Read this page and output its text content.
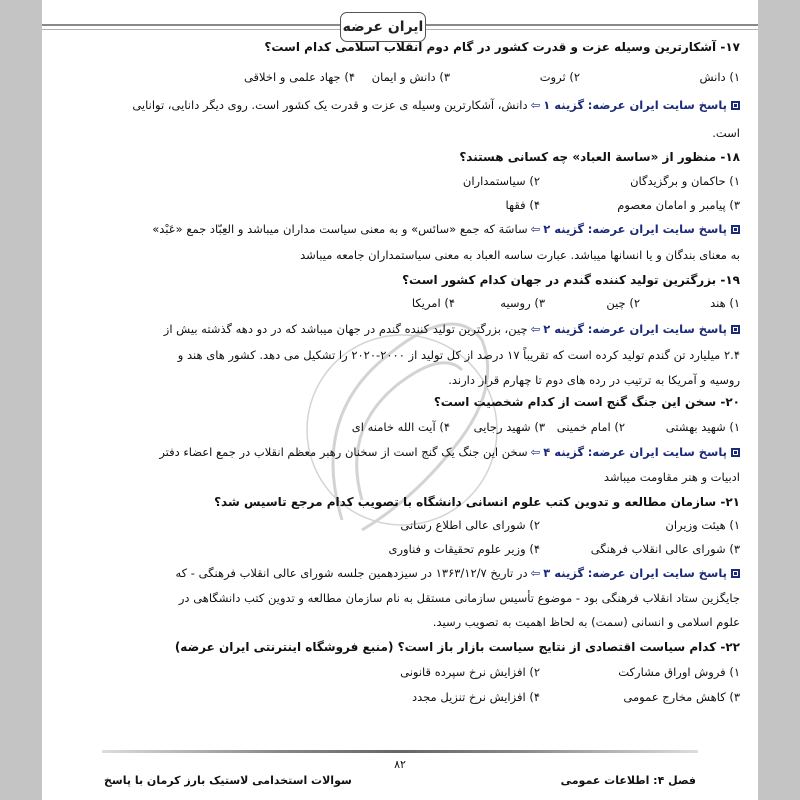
ایران عرضه
۱۷- آشکارترین وسیله عزت و قدرت کشور در گام دوم انقلاب اسلامی کدام است؟
۱) دانش
۲) ثروت
۳) دانش و ایمان
۴) جهاد علمی و اخلاقی
پاسخ سایت ایران عرضه: گزینه ۱⇦دانش، آشکارترین وسیله ی عزت و قدرت یک کشور است. روی دیگر دانایی، توانایی
است.
۱۸- منظور از «ساسة العباد» چه کسانی هستند؟
۱) حاکمان و برگزیدگان
۲) سیاستمداران
۳) پیامبر و امامان معصوم
۴) فقها
پاسخ سایت ایران عرضه: گزینه ۲⇦ساسَة که جمع «سائس» و به معنی سیاست مداران میباشد و العِبّاد جمع «عَبْد»
به معنای بندگان و یا انسانها میباشد. عبارت ساسه العباد به معنی سیاستمداران جامعه میباشد
۱۹- بزرگترین تولید کننده گندم در جهان کدام کشور است؟
۱) هند
۲) چین
۳) روسیه
۴) امریکا
پاسخ سایت ایران عرضه: گزینه ۲⇦چین، بزرگترین تولید کننده گندم در جهان میباشد که در دو دهه گذشته بیش از
۲.۴ میلیارد تن گندم تولید کرده است که تقریباً ۱۷ درصد از کل تولید از ۲۰۰۰-۲۰۲۰ را تشکیل می دهد. کشور های هند و
روسیه و آمریکا به ترتیب در رده های دوم تا چهارم قرار دارند.
۲۰- سخن این جنگ گنج است از کدام شخصیت است؟
۱) شهید بهشتی
۲) امام خمینی
۳) شهید رجایی
۴) آیت الله خامنه ای
پاسخ سایت ایران عرضه: گزینه ۴⇦سخن این جنگ یک گنج است از سخنان رهبر معظم انقلاب در جمع اعضاء دفتر
ادبیات و هنر مقاومت میباشد
۲۱- سازمان مطالعه و تدوین کتب علوم انسانی دانشگاه با تصویب کدام مرجع تاسیس شد؟
۱) هیئت وزیران
۲) شورای عالی اطلاع رسانی
۳) شورای عالی انقلاب فرهنگی
۴) وزیر علوم تحقیقات و فناوری
پاسخ سایت ایران عرضه: گزینه ۳⇦در تاریخ ۱۳۶۳/۱۲/۷ در سیزدهمین جلسه شورای عالی انقلاب فرهنگی - که
جایگزین ستاد انقلاب فرهنگی بود - موضوع تأسیس سازمانی مستقل به نام سازمان مطالعه و تدوین کتب دانشگاهی در
علوم اسلامی و انسانی (سمت) به لحاظ اهمیت به تصویب رسید.
۲۲- کدام سیاست اقتصادی از نتایج سیاست بازار باز است؟ (منبع فروشگاه اینترنتی ایران عرضه)
۱) فروش اوراق مشارکت
۲) افزایش نرخ سپرده قانونی
۳) کاهش مخارج عمومی
۴) افزایش نرخ تنزیل مجدد
۸۲
سوالات استخدامی لاستیک بارز کرمان با پاسخ	فصل ۴: اطلاعات عمومی
